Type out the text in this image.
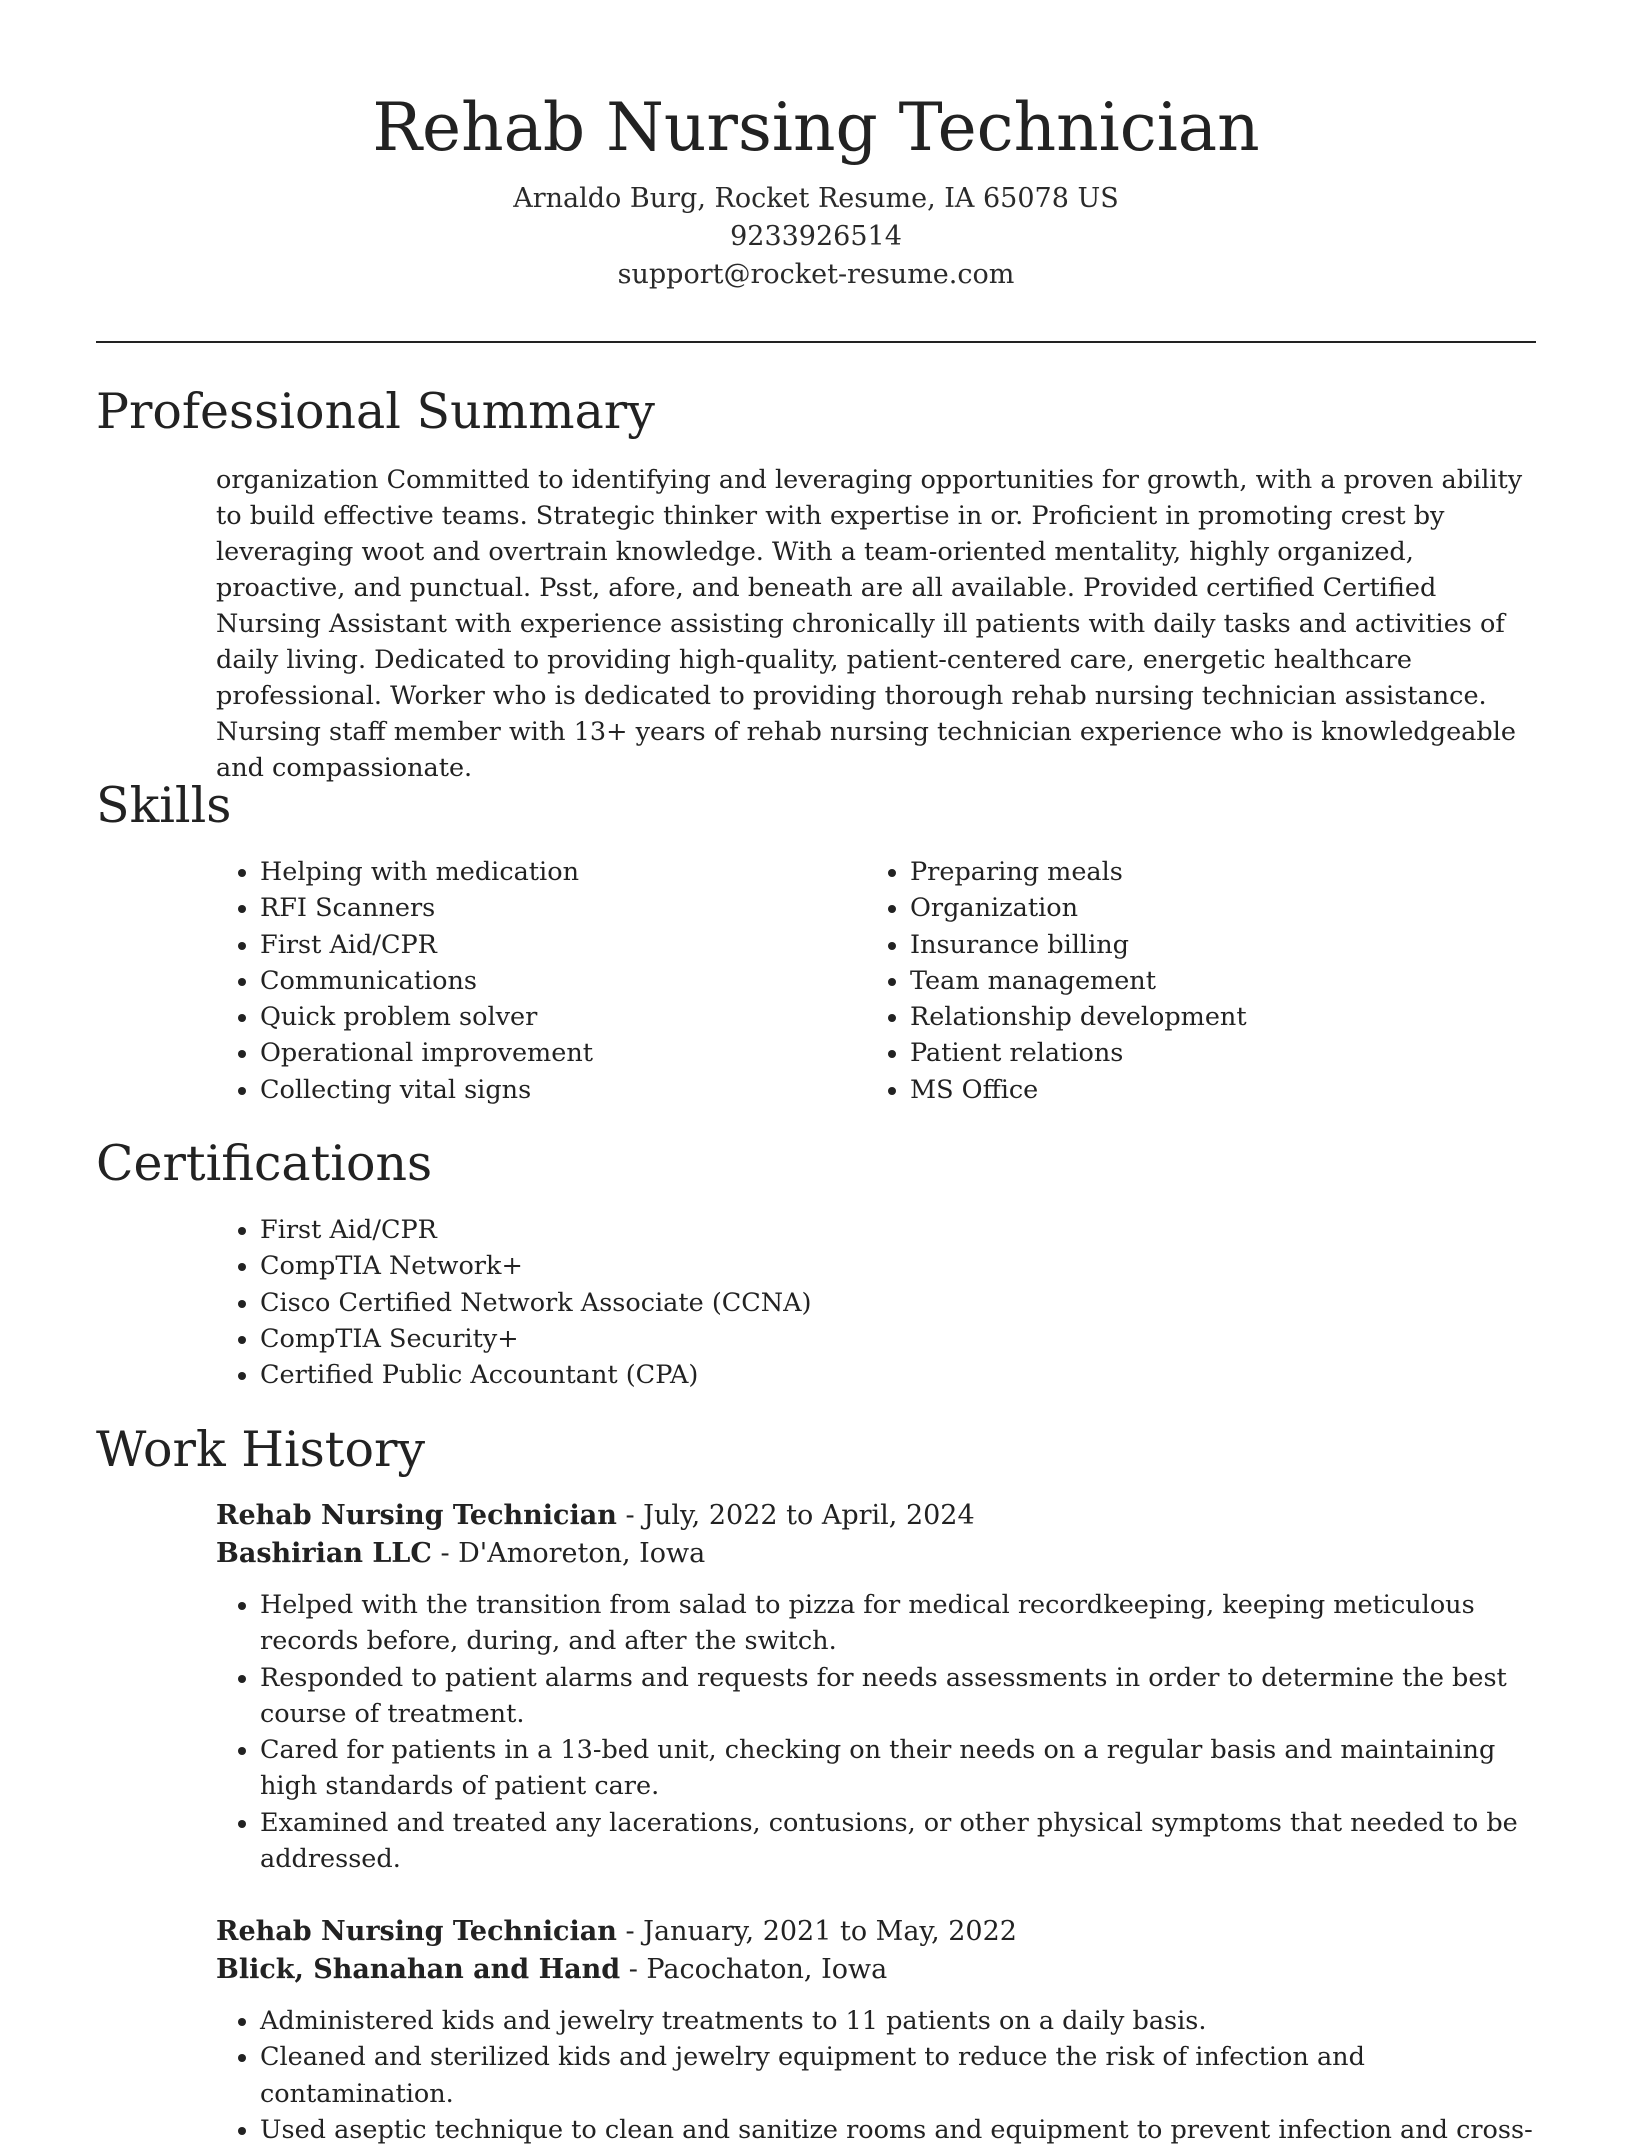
Rehab Nursing Technician

Arnaldo Burg, Rocket Resume, IA 65078 US

9233926514

support@rocket-resume.com

Professional Summary

organization Committed to identifying and leveraging opportunities for growth, with a proven ability to build effective teams. Strategic thinker with expertise in or. Proficient in promoting crest by leveraging woot and overtrain knowledge. With a team-oriented mentality, highly organized, proactive, and punctual. Psst, afore, and beneath are all available. Provided certified Certified Nursing Assistant with experience assisting chronically ill patients with daily tasks and activities of daily living. Dedicated to providing high-quality, patient-centered care, energetic healthcare professional. Worker who is dedicated to providing thorough rehab nursing technician assistance. Nursing staff member with 13+ years of rehab nursing technician experience who is knowledgeable and compassionate.

Skills
• Helping with medication
• RFI Scanners
• First Aid/CPR
• Communications
• Quick problem solver
• Operational improvement
• Collecting vital signs
• Preparing meals
• Organization
• Insurance billing
• Team management
• Relationship development
• Patient relations
• MS Office
Certifications
• First Aid/CPR
• CompTIA Network+
• Cisco Certified Network Associate (CCNA)
• CompTIA Security+
• Certified Public Accountant (CPA)
Work History

Rehab Nursing Technician - July, 2022 to April, 2024

Bashirian LLC - D'Amoreton, Iowa

• Helped with the transition from salad to pizza for medical recordkeeping, keeping meticulous records before, during, and after the switch.
• Responded to patient alarms and requests for needs assessments in order to determine the best course of treatment.
• Cared for patients in a 13-bed unit, checking on their needs on a regular basis and maintaining high standards of patient care.
• Examined and treated any lacerations, contusions, or other physical symptoms that needed to be addressed.

Rehab Nursing Technician - January, 2021 to May, 2022

Blick, Shanahan and Hand - Pacochaton, Iowa

• Administered kids and jewelry treatments to 11 patients on a daily basis.
• Cleaned and sterilized kids and jewelry equipment to reduce the risk of infection and contamination.
• Used aseptic technique to clean and sanitize rooms and equipment to prevent infection and cross-
